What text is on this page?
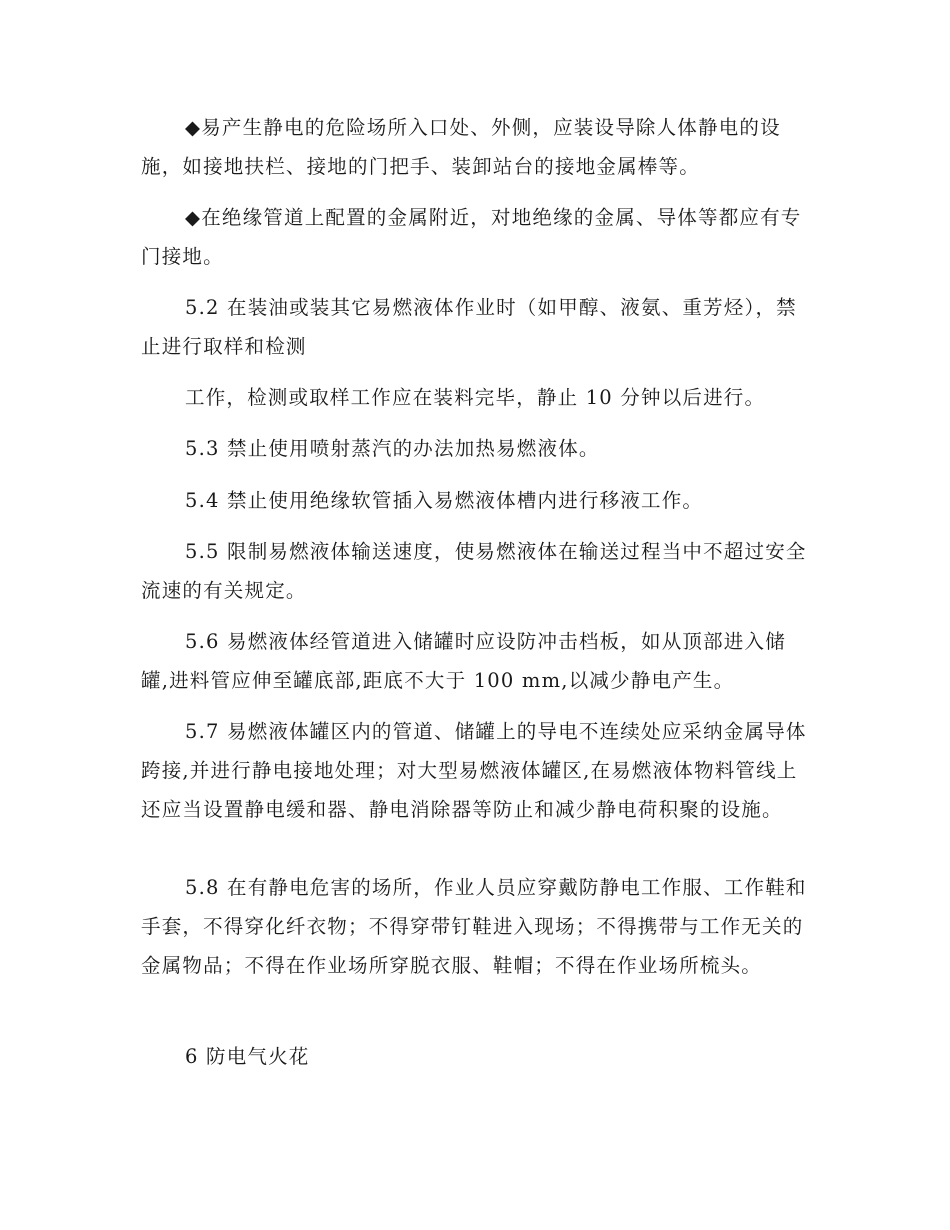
◆易产生静电的危险场所入口处、外侧，应装设导除人体静电的设施，如接地扶栏、接地的门把手、装卸站台的接地金属棒等。
◆在绝缘管道上配置的金属附近，对地绝缘的金属、导体等都应有专门接地。
5.2 在装油或装其它易燃液体作业时（如甲醇、液氨、重芳烃），禁止进行取样和检测
工作，检测或取样工作应在装料完毕，静止 10 分钟以后进行。
5.3 禁止使用喷射蒸汽的办法加热易燃液体。
5.4 禁止使用绝缘软管插入易燃液体槽内进行移液工作。
5.5 限制易燃液体输送速度，使易燃液体在输送过程当中不超过安全流速的有关规定。
5.6 易燃液体经管道进入储罐时应设防冲击档板，如从顶部进入储罐,进料管应伸至罐底部,距底不大于 100 mm,以减少静电产生。
5.7 易燃液体罐区内的管道、储罐上的导电不连续处应采纳金属导体跨接,并进行静电接地处理；对大型易燃液体罐区,在易燃液体物料管线上还应当设置静电缓和器、静电消除器等防止和减少静电荷积聚的设施。
5.8 在有静电危害的场所，作业人员应穿戴防静电工作服、工作鞋和手套，不得穿化纤衣物；不得穿带钉鞋进入现场；不得携带与工作无关的金属物品；不得在作业场所穿脱衣服、鞋帽；不得在作业场所梳头。
6 防电气火花
